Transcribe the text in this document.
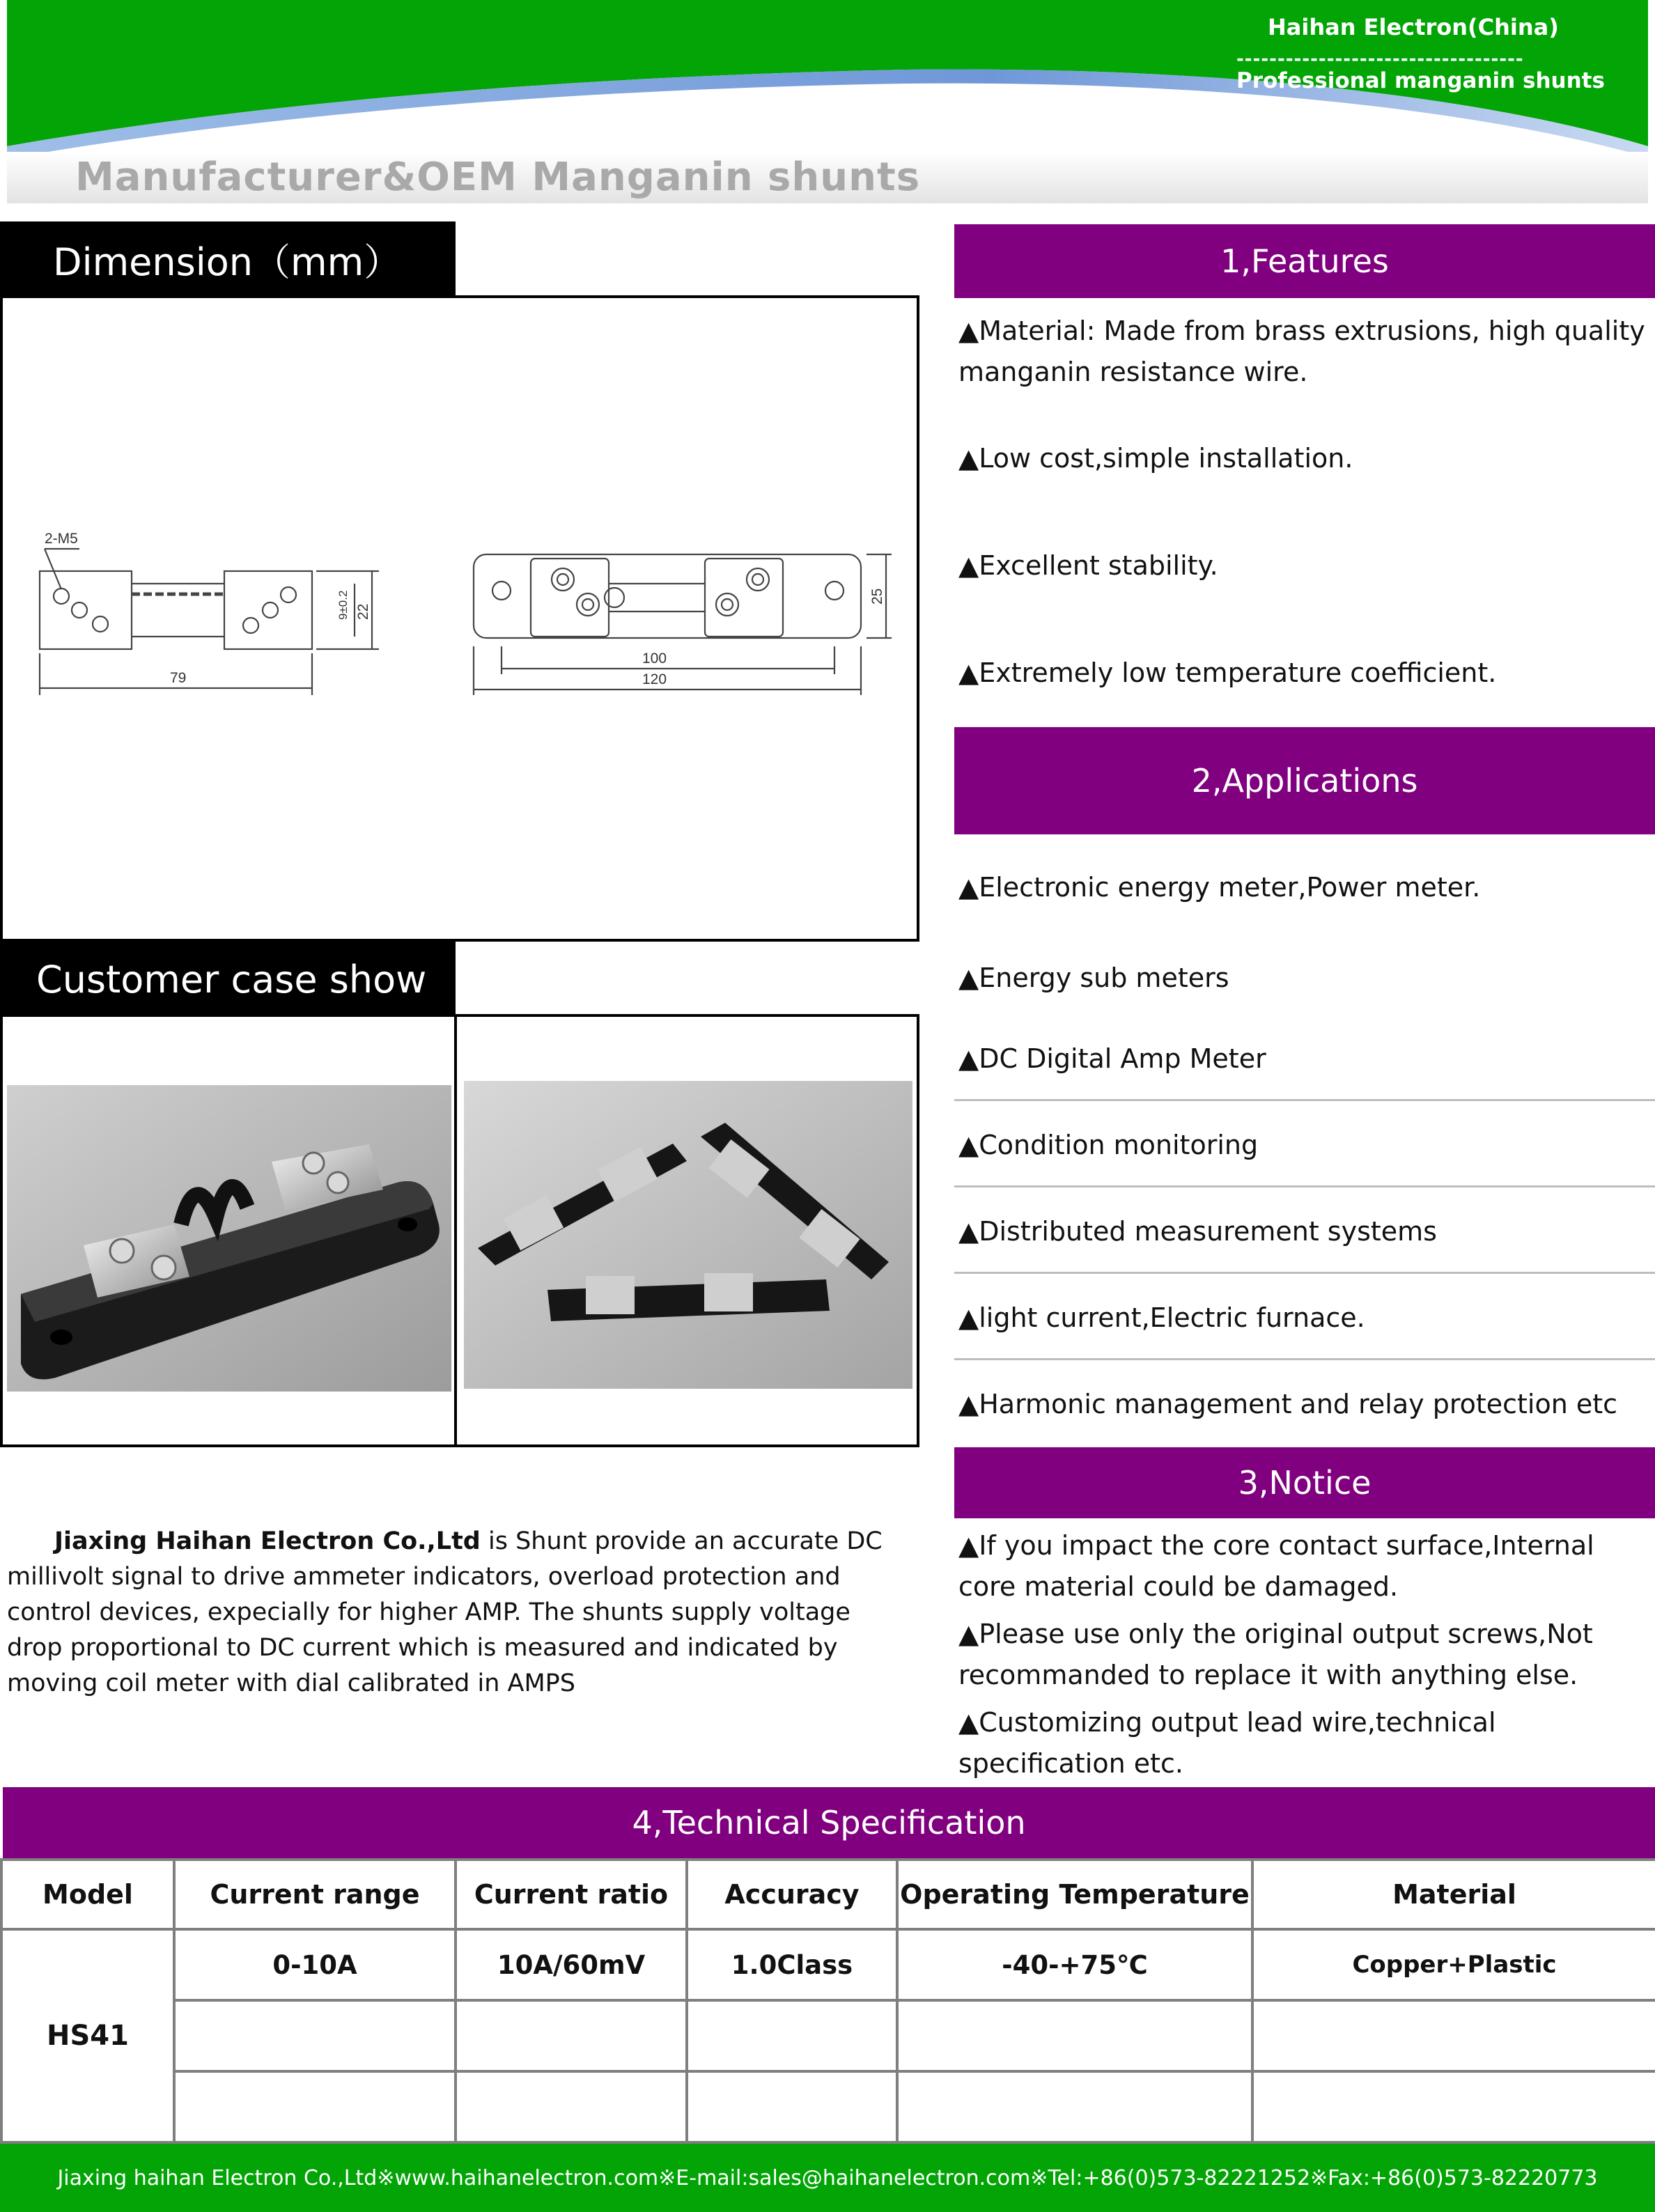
Haihan Electron(China)
-----------------------------------
Professional manganin shunts
Manufacturer&OEM Manganin shunts
Dimension（mm）
2-M5
79
9±0.2 22
100
120
25
Customer case show
Jiaxing Haihan Electron Co.,Ltd is Shunt provide an accurate DC millivolt signal to drive ammeter indicators, overload protection and control devices, expecially for higher AMP. The shunts supply voltage drop proportional to DC current which is measured and indicated by moving coil meter with dial calibrated in AMPS
1,Features
▲Material: Made from brass extrusions, high quality manganin resistance wire.
▲Low cost,simple installation.
▲Excellent stability.
▲Extremely low temperature coefficient.
2,Applications
▲Electronic energy meter,Power meter.
▲Energy sub meters
▲DC Digital Amp Meter
▲Condition monitoring
▲Distributed measurement systems
▲light current,Electric furnace.
▲Harmonic management and relay protection etc
3,Notice
▲If you impact the core contact surface,Internal core material could be damaged.
▲Please use only the original output screws,Not recommanded to replace it with anything else.
▲Customizing output lead wire,technical specification etc.
4,Technical Specification
Model	Current range	Current ratio	Accuracy	Operating Temperature	Material
HS41	0-10A	10A/60mV	1.0Class	-40-+75℃	Copper+Plastic

Jiaxing haihan Electron Co.,Ltd※www.haihanelectron.com※E-mail:sales@haihanelectron.com※Tel:+86(0)573-82221252※Fax:+86(0)573-82220773
